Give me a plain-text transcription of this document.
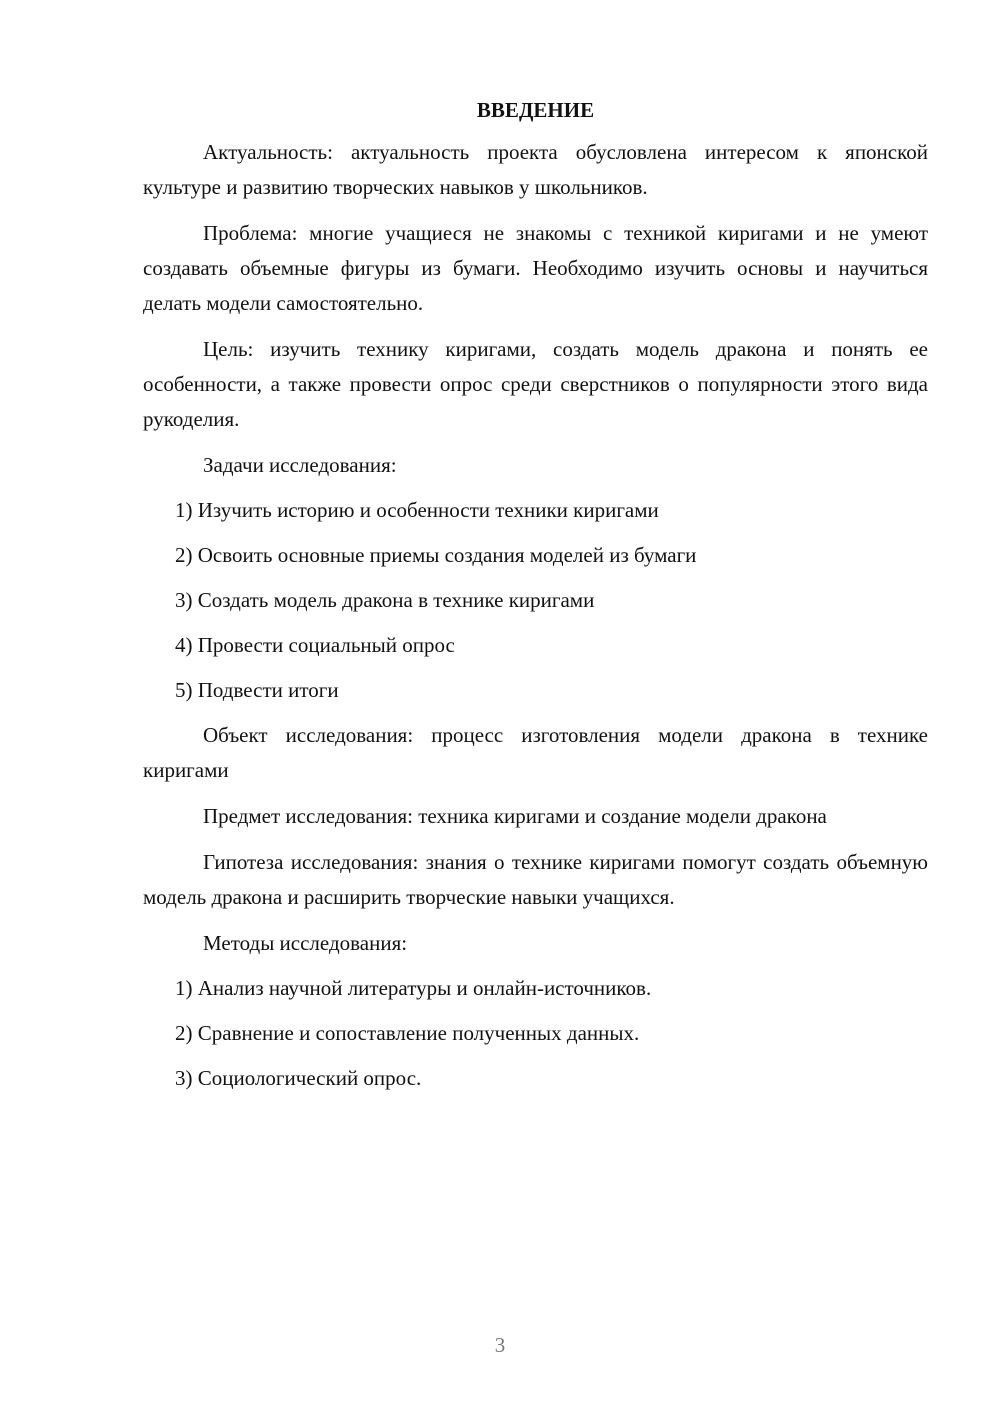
ВВЕДЕНИЕ

Актуальность: актуальность проекта обусловлена интересом к японской культуре и развитию творческих навыков у школьников.

Проблема: многие учащиеся не знакомы с техникой киригами и не умеют создавать объемные фигуры из бумаги. Необходимо изучить основы и научиться делать модели самостоятельно.

Цель: изучить технику киригами, создать модель дракона и понять ее особенности, а также провести опрос среди сверстников о популярности этого вида рукоделия.

Задачи исследования:
1) Изучить историю и особенности техники киригами
2) Освоить основные приемы создания моделей из бумаги
3) Создать модель дракона в технике киригами
4) Провести социальный опрос
5) Подвести итоги

Объект исследования: процесс изготовления модели дракона в технике киригами

Предмет исследования: техника киригами и создание модели дракона

Гипотеза исследования: знания о технике киригами помогут создать объемную модель дракона и расширить творческие навыки учащихся.

Методы исследования:
1) Анализ научной литературы и онлайн-источников.
2) Сравнение и сопоставление полученных данных.
3) Социологический опрос.
3
